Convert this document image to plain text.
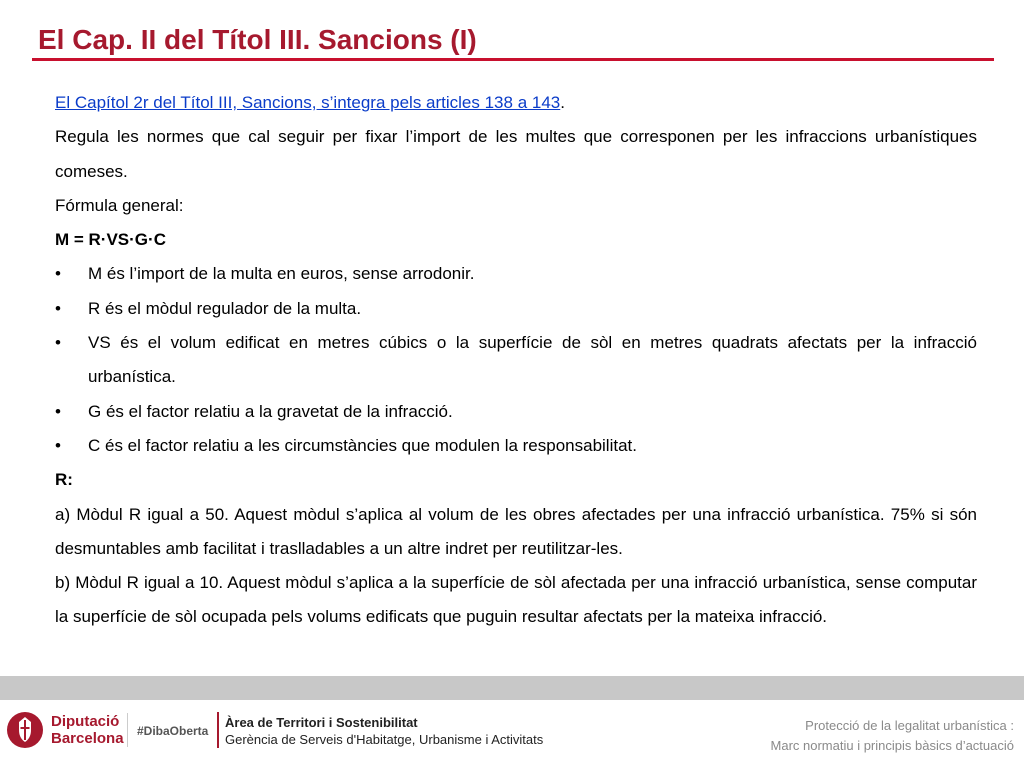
El Cap. II del Títol III. Sancions (I)

El Capítol 2r del Títol III, Sancions, s’integra pels articles 138 a 143.

Regula les normes que cal seguir per fixar l’import de les multes que corresponen per les infraccions urbanístiques comeses.

Fórmula general:

M = R·VS·G·C

•	M és l’import de la multa en euros, sense arrodonir.
•	R és el mòdul regulador de la multa.
•	VS és el volum edificat en metres cúbics o la superfície de sòl en metres quadrats afectats per la infracció urbanística.
•	G és el factor relatiu a la gravetat de la infracció.
•	C és el factor relatiu a les circumstàncies que modulen la responsabilitat.

R:

a) Mòdul R igual a 50. Aquest mòdul s’aplica al volum de les obres afectades per una infracció urbanística. 75% si són desmuntables amb facilitat i traslladables a un altre indret per reutilitzar-les.

b) Mòdul R igual a 10. Aquest mòdul s’aplica a la superfície de sòl afectada per una infracció urbanística, sense computar la superfície de sòl ocupada pels volums edificats que puguin resultar afectats per la mateixa infracció.

Diputació
Barcelona #DibaOberta
Àrea de Territori i Sostenibilitat
Gerència de Serveis d'Habitatge, Urbanisme i Activitats
Protecció de la legalitat urbanística :
Marc normatiu i principis bàsics d’actuació
